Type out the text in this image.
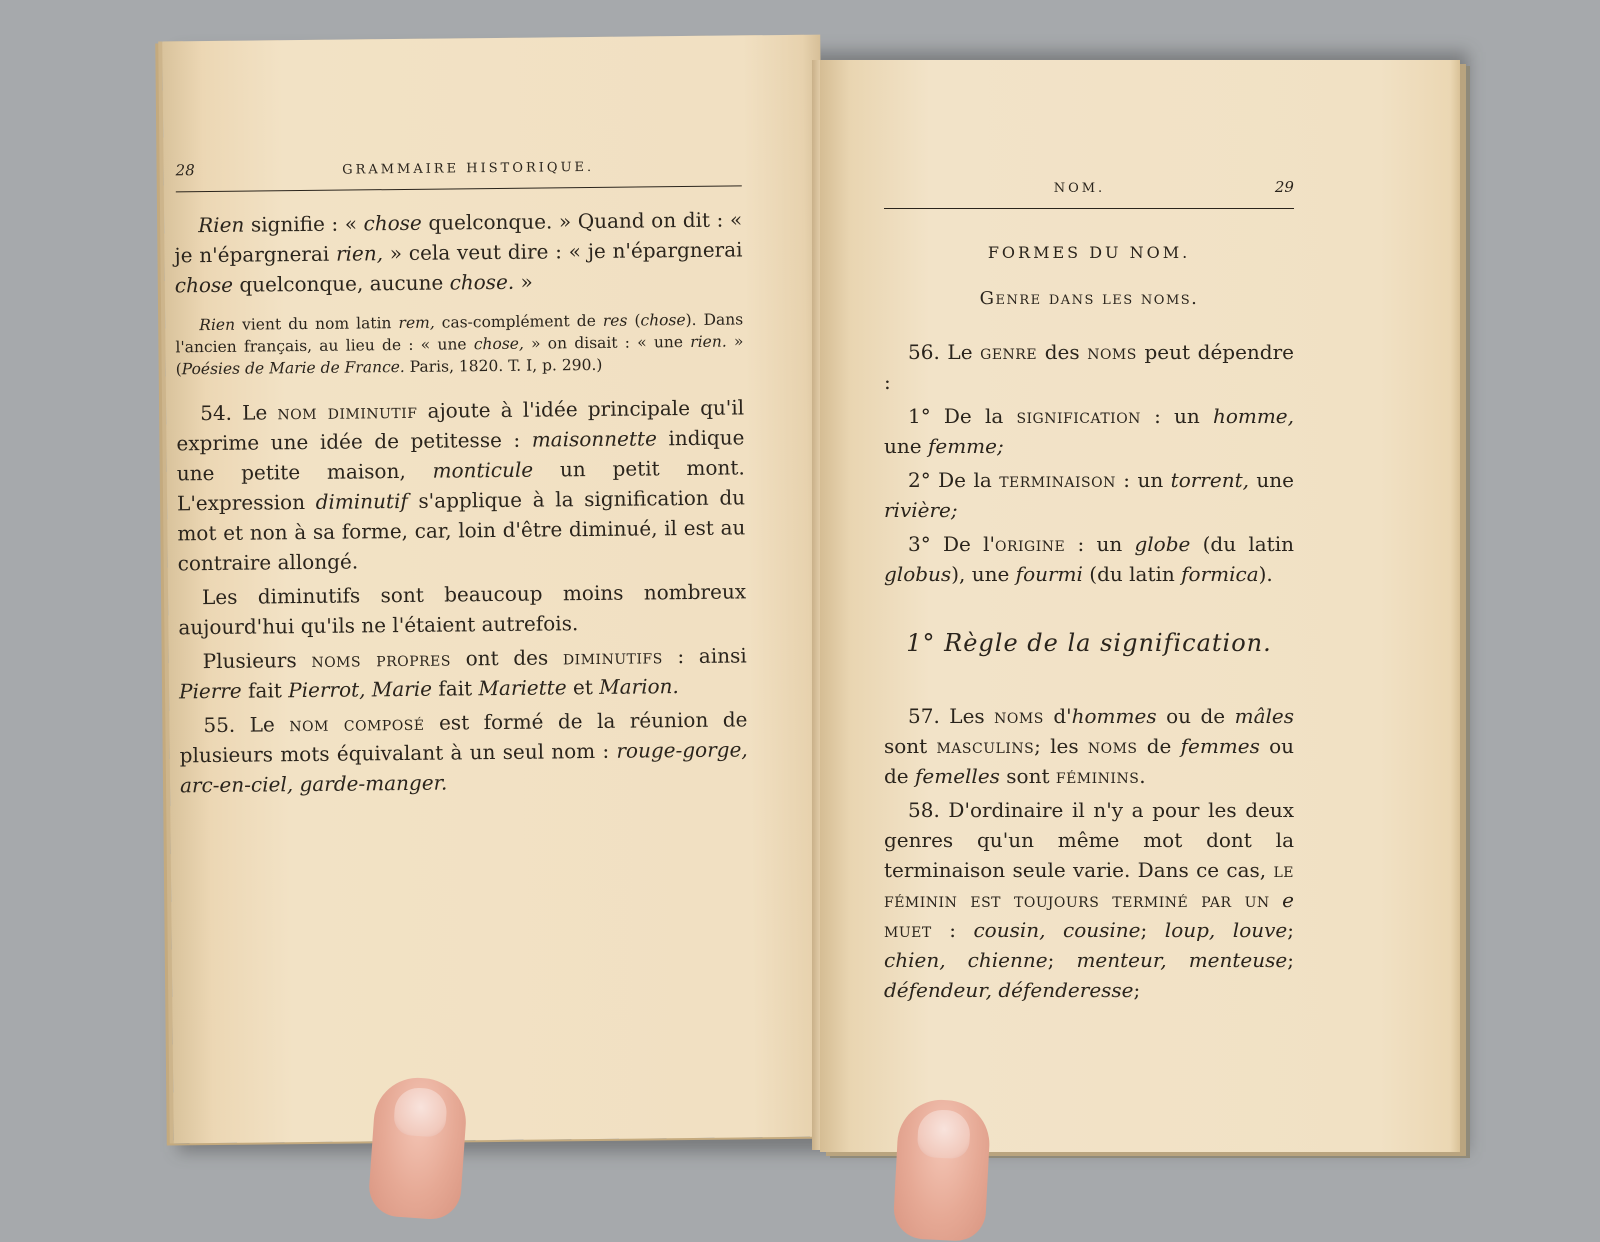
28	GRAMMAIRE HISTORIQUE.

Rien signifie : « chose quelconque. » Quand on dit : « je n'épargnerai rien, » cela veut dire : « je n'épargnerai chose quelconque, aucune chose. »

Rien vient du nom latin rem, cas-complément de res (chose). Dans l'ancien français, au lieu de : « une chose, » on disait : « une rien. » (Poésies de Marie de France. Paris, 1820. T. I, p. 290.)

54. Le nom diminutif ajoute à l'idée principale qu'il exprime une idée de petitesse : maisonnette indique une petite maison, monticule un petit mont. L'expression diminutif s'applique à la signification du mot et non à sa forme, car, loin d'être diminué, il est au contraire allongé.

Les diminutifs sont beaucoup moins nombreux aujourd'hui qu'ils ne l'étaient autrefois.

Plusieurs noms propres ont des diminutifs : ainsi Pierre fait Pierrot, Marie fait Mariette et Marion.

55. Le nom composé est formé de la réunion de plusieurs mots équivalant à un seul nom : rouge-gorge, arc-en-ciel, garde-manger.

NOM.	29
FORMES DU NOM.
Genre dans les noms.

56. Le genre des noms peut dépendre :

1° De la signification : un homme, une femme;

2° De la terminaison : un torrent, une rivière;

3° De l'origine : un globe (du latin globus), une fourmi (du latin formica).

1° Règle de la signification.

57. Les noms d'hommes ou de mâles sont masculins; les noms de femmes ou de femelles sont féminins.

58. D'ordinaire il n'y a pour les deux genres qu'un même mot dont la terminaison seule varie. Dans ce cas, le féminin est toujours terminé par un e muet : cousin, cousine; loup, louve; chien, chienne; menteur, menteuse; défendeur, défenderesse;
